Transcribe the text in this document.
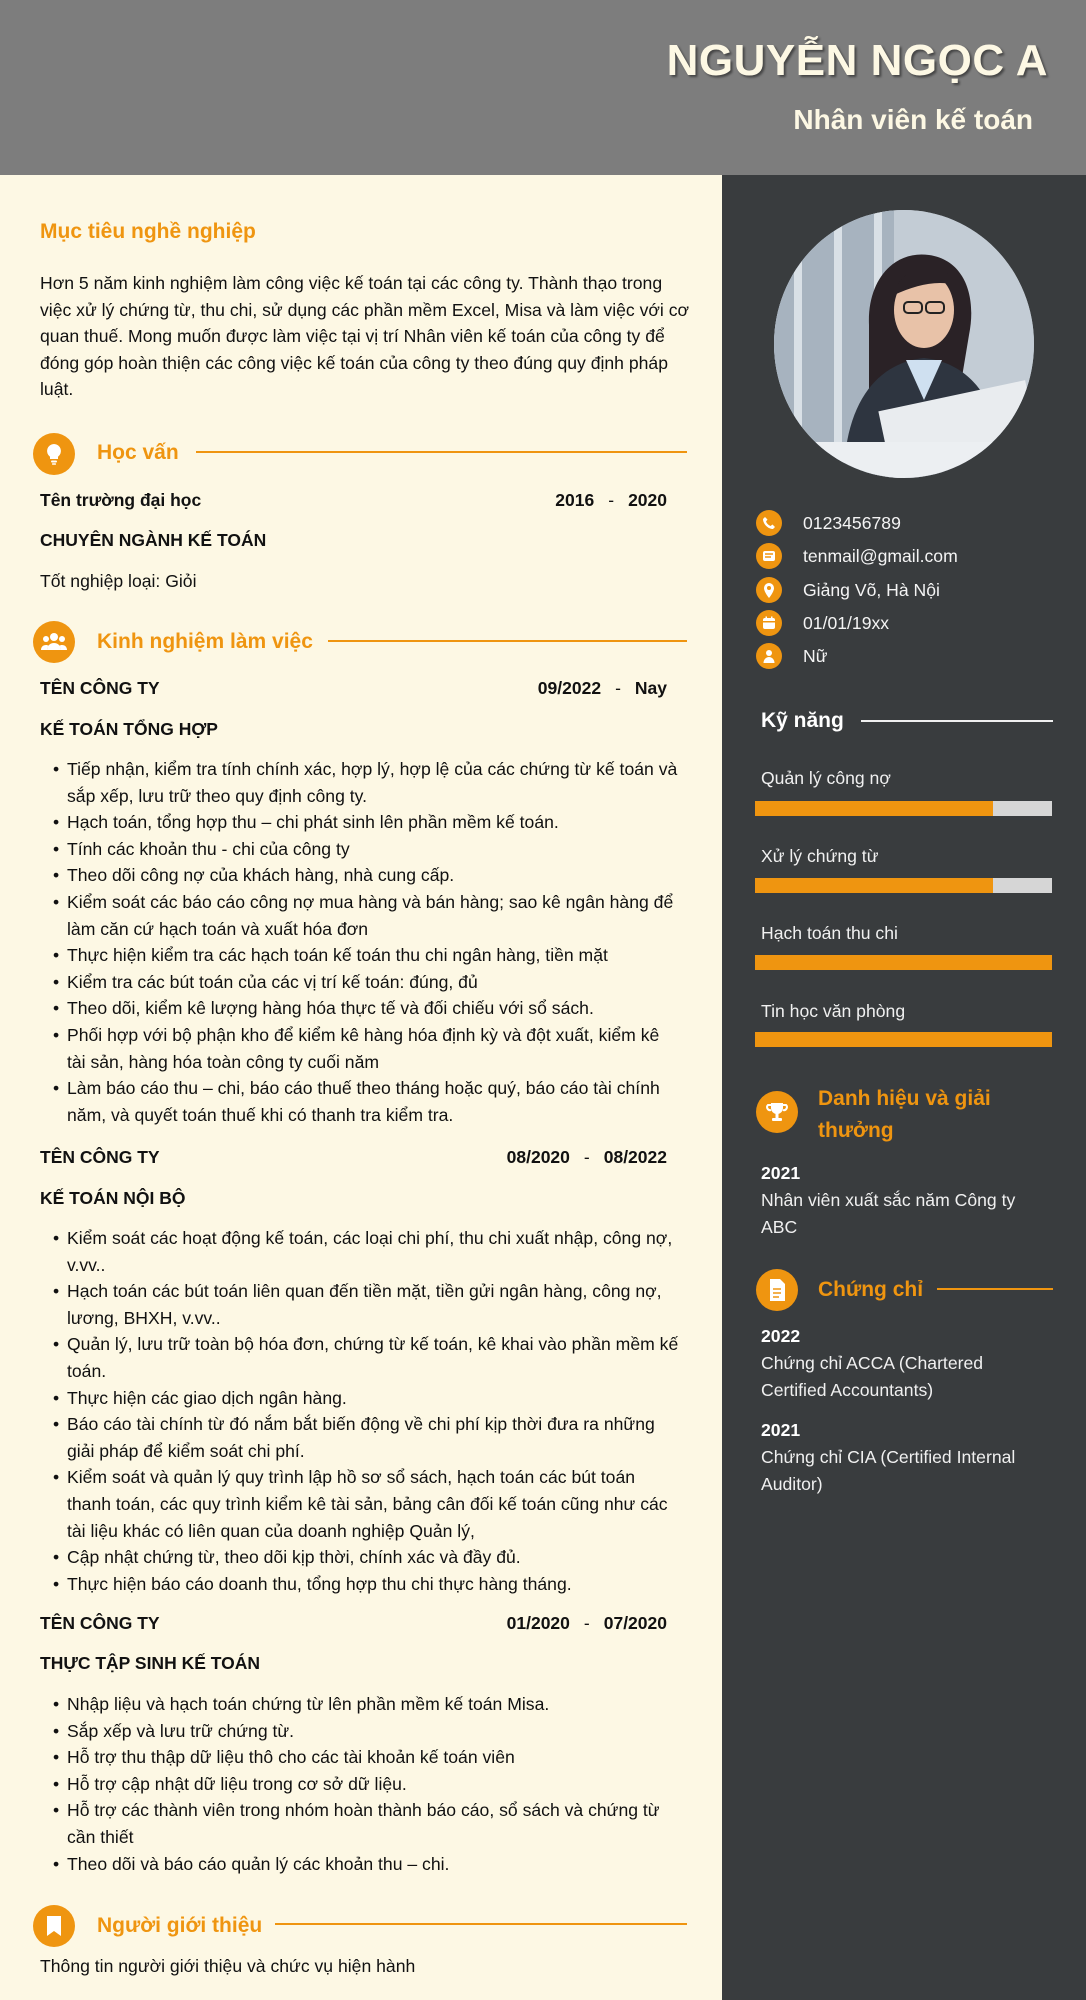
NGUYỄN NGỌC A
Nhân viên kế toán
Mục tiêu nghề nghiệp
Hơn 5 năm kinh nghiệm làm công việc kế toán tại các công ty. Thành thạo trong việc xử lý chứng từ, thu chi, sử dụng các phần mềm Excel, Misa và làm việc với cơ quan thuế. Mong muốn được làm việc tại vị trí Nhân viên kế toán của công ty để đóng góp hoàn thiện các công việc kế toán của công ty theo đúng quy định pháp luật.
Học vấn
Tên trường đại học	2016 - 2020
CHUYÊN NGÀNH KẾ TOÁN
Tốt nghiệp loại: Giỏi
Kinh nghiệm làm việc
TÊN CÔNG TY	09/2022 - Nay
KẾ TOÁN TỔNG HỢP
• Tiếp nhận, kiểm tra tính chính xác, hợp lý, hợp lệ của các chứng từ kế toán và sắp xếp, lưu trữ theo quy định công ty.
• Hạch toán, tổng hợp thu – chi phát sinh lên phần mềm kế toán.
• Tính các khoản thu - chi của công ty
• Theo dõi công nợ của khách hàng, nhà cung cấp.
• Kiểm soát các báo cáo công nợ mua hàng và bán hàng; sao kê ngân hàng để làm căn cứ hạch toán và xuất hóa đơn
• Thực hiện kiểm tra các hạch toán kế toán thu chi ngân hàng, tiền mặt
• Kiểm tra các bút toán của các vị trí kế toán: đúng, đủ
• Theo dõi, kiểm kê lượng hàng hóa thực tế và đối chiếu với sổ sách.
• Phối hợp với bộ phận kho để kiểm kê hàng hóa định kỳ và đột xuất, kiểm kê tài sản, hàng hóa toàn công ty cuối năm
• Làm báo cáo thu – chi, báo cáo thuế theo tháng hoặc quý, báo cáo tài chính năm, và quyết toán thuế khi có thanh tra kiểm tra.
TÊN CÔNG TY	08/2020 - 08/2022
KẾ TOÁN NỘI BỘ
• Kiểm soát các hoạt động kế toán, các loại chi phí, thu chi xuất nhập, công nợ, v.vv..
• Hạch toán các bút toán liên quan đến tiền mặt, tiền gửi ngân hàng, công nợ, lương, BHXH, v.vv..
• Quản lý, lưu trữ toàn bộ hóa đơn, chứng từ kế toán, kê khai vào phần mềm kế toán.
• Thực hiện các giao dịch ngân hàng.
• Báo cáo tài chính từ đó nắm bắt biến động về chi phí kịp thời đưa ra những giải pháp để kiểm soát chi phí.
• Kiểm soát và quản lý quy trình lập hồ sơ sổ sách, hạch toán các bút toán thanh toán, các quy trình kiểm kê tài sản, bảng cân đối kế toán cũng như các tài liệu khác có liên quan của doanh nghiệp Quản lý,
• Cập nhật chứng từ, theo dõi kịp thời, chính xác và đầy đủ.
• Thực hiện báo cáo doanh thu, tổng hợp thu chi thực hàng tháng.
TÊN CÔNG TY	01/2020 - 07/2020
THỰC TẬP SINH KẾ TOÁN
• Nhập liệu và hạch toán chứng từ lên phần mềm kế toán Misa.
• Sắp xếp và lưu trữ chứng từ.
• Hỗ trợ thu thập dữ liệu thô cho các tài khoản kế toán viên
• Hỗ trợ cập nhật dữ liệu trong cơ sở dữ liệu.
• Hỗ trợ các thành viên trong nhóm hoàn thành báo cáo, sổ sách và chứng từ cần thiết
• Theo dõi và báo cáo quản lý các khoản thu – chi.
Người giới thiệu
Thông tin người giới thiệu và chức vụ hiện hành
0123456789
tenmail@gmail.com
Giảng Võ, Hà Nội
01/01/19xx
Nữ
Kỹ năng
Quản lý công nợ
Xử lý chứng từ
Hạch toán thu chi
Tin học văn phòng
Danh hiệu và giải
thưởng
2021
Nhân viên xuất sắc năm Công ty ABC
Chứng chỉ
2022
Chứng chỉ ACCA (Chartered Certified Accountants)
2021
Chứng chỉ CIA (Certified Internal Auditor)
